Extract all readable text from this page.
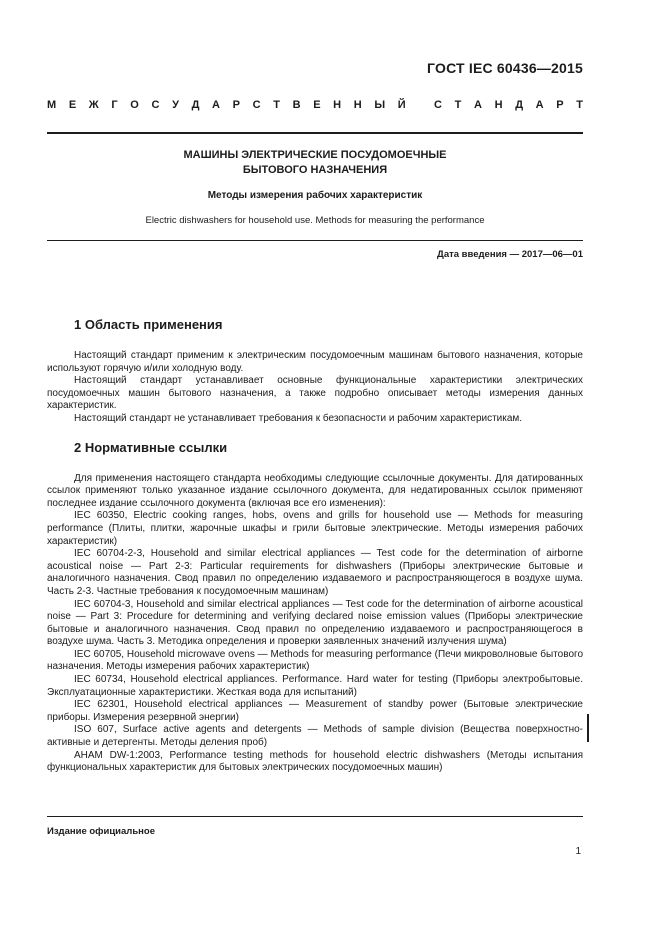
ГОСТ IEC 60436—2015
М Е Ж Г О С У Д А Р С Т В Е Н Н Ы Й
	С Т А Н Д А Р Т
МАШИНЫ ЭЛЕКТРИЧЕСКИЕ ПОСУДОМОЕЧНЫЕ
БЫТОВОГО НАЗНАЧЕНИЯ
Методы измерения рабочих характеристик
Electric dishwashers for household use. Methods for measuring the performance
Дата введения — 2017—06—01
1 Область применения

Настоящий стандарт применим к электрическим посудомоечным машинам бытового назначения, которые используют горячую и/или холодную воду.

Настоящий стандарт устанавливает основные функциональные характеристики электрических посудомоечных машин бытового назначения, а также подробно описывает методы измерения данных характеристик.

Настоящий стандарт не устанавливает требования к безопасности и рабочим характеристикам.

2 Нормативные ссылки

Для применения настоящего стандарта необходимы следующие ссылочные документы. Для датированных ссылок применяют только указанное издание ссылочного документа, для недатированных ссылок применяют последнее издание ссылочного документа (включая все его изменения):

IEC 60350, Electric cooking ranges, hobs, ovens and grills for household use — Methods for measuring performance (Плиты, плитки, жарочные шкафы и грили бытовые электрические. Методы измерения рабочих характеристик)

IEC 60704-2-3, Household and similar electrical appliances — Test code for the determination of airborne acoustical noise — Part 2-3: Particular requirements for dishwashers (Приборы электрические бытовые и аналогичного назначения. Свод правил по определению издаваемого и распространяющегося в воздухе шума. Часть 2-3. Частные требования к посудомоечным машинам)

IEC 60704-3, Household and similar electrical appliances — Test code for the determination of airborne acoustical noise — Part 3: Procedure for determining and verifying declared noise emission values (Приборы электрические бытовые и аналогичного назначения. Свод правил по определению издаваемого и распространяющегося в воздухе шума. Часть 3. Методика определения и проверки заявленных значений излучения шума)

IEC 60705, Household microwave ovens — Methods for measuring performance (Печи микроволновые бытового назначения. Методы измерения рабочих характеристик)

IEC 60734, Household electrical appliances. Performance. Hard water for testing (Приборы электробытовые. Эксплуатационные характеристики. Жесткая вода для испытаний)

IEC 62301, Household electrical appliances — Measurement of standby power (Бытовые электрические приборы. Измерения резервной энергии)

ISO 607, Surface active agents and detergents — Methods of sample division (Вещества поверхностно-активные и детергенты. Методы деления проб)

AHAM DW-1:2003, Performance testing methods for household electric dishwashers (Методы испытания функциональных характеристик для бытовых электрических посудомоечных машин)

Издание официальное
1
